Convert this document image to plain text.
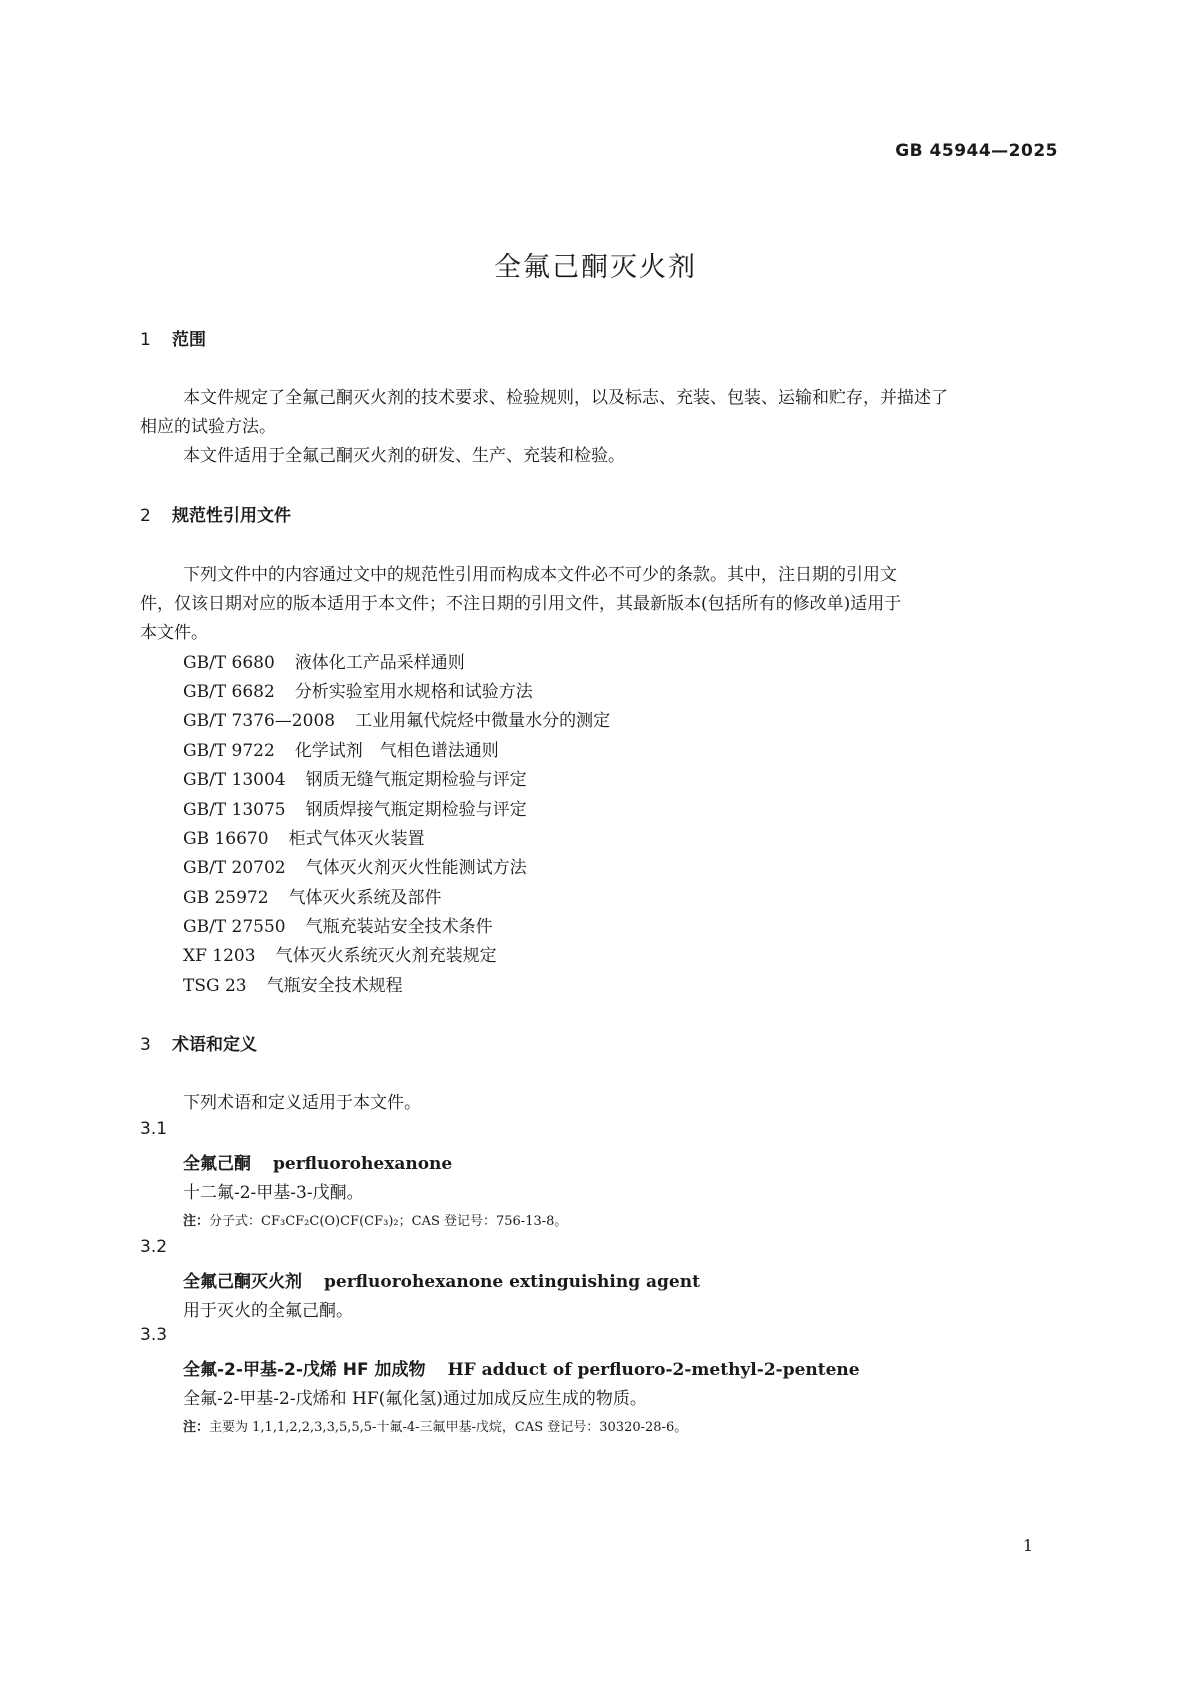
GB 45944—2025
全氟己酮灭火剂
1 范围
本文件规定了全氟己酮灭火剂的技术要求、检验规则，以及标志、充装、包装、运输和贮存，并描述了
相应的试验方法。
本文件适用于全氟己酮灭火剂的研发、生产、充装和检验。
2 规范性引用文件
下列文件中的内容通过文中的规范性引用而构成本文件必不可少的条款。其中，注日期的引用文
件，仅该日期对应的版本适用于本文件；不注日期的引用文件，其最新版本(包括所有的修改单)适用于
本文件。
GB/T 6680 液体化工产品采样通则
GB/T 6682 分析实验室用水规格和试验方法
GB/T 7376—2008 工业用氟代烷烃中微量水分的测定
GB/T 9722 化学试剂　气相色谱法通则
GB/T 13004 钢质无缝气瓶定期检验与评定
GB/T 13075 钢质焊接气瓶定期检验与评定
GB 16670 柜式气体灭火装置
GB/T 20702 气体灭火剂灭火性能测试方法
GB 25972 气体灭火系统及部件
GB/T 27550 气瓶充装站安全技术条件
XF 1203 气体灭火系统灭火剂充装规定
TSG 23 气瓶安全技术规程
3 术语和定义
下列术语和定义适用于本文件。
3.1
全氟己酮 perfluorohexanone
十二氟-2-甲基-3-戊酮。
注：分子式：CF₃CF₂C(O)CF(CF₃)₂；CAS 登记号：756-13-8。
3.2
全氟己酮灭火剂 perfluorohexanone extinguishing agent
用于灭火的全氟己酮。
3.3
全氟-2-甲基-2-戊烯 HF 加成物 HF adduct of perfluoro-2-methyl-2-pentene
全氟-2-甲基-2-戊烯和 HF(氟化氢)通过加成反应生成的物质。
注：主要为 1,1,1,2,2,3,3,5,5,5-十氟-4-三氟甲基-戊烷，CAS 登记号：30320-28-6。
1
